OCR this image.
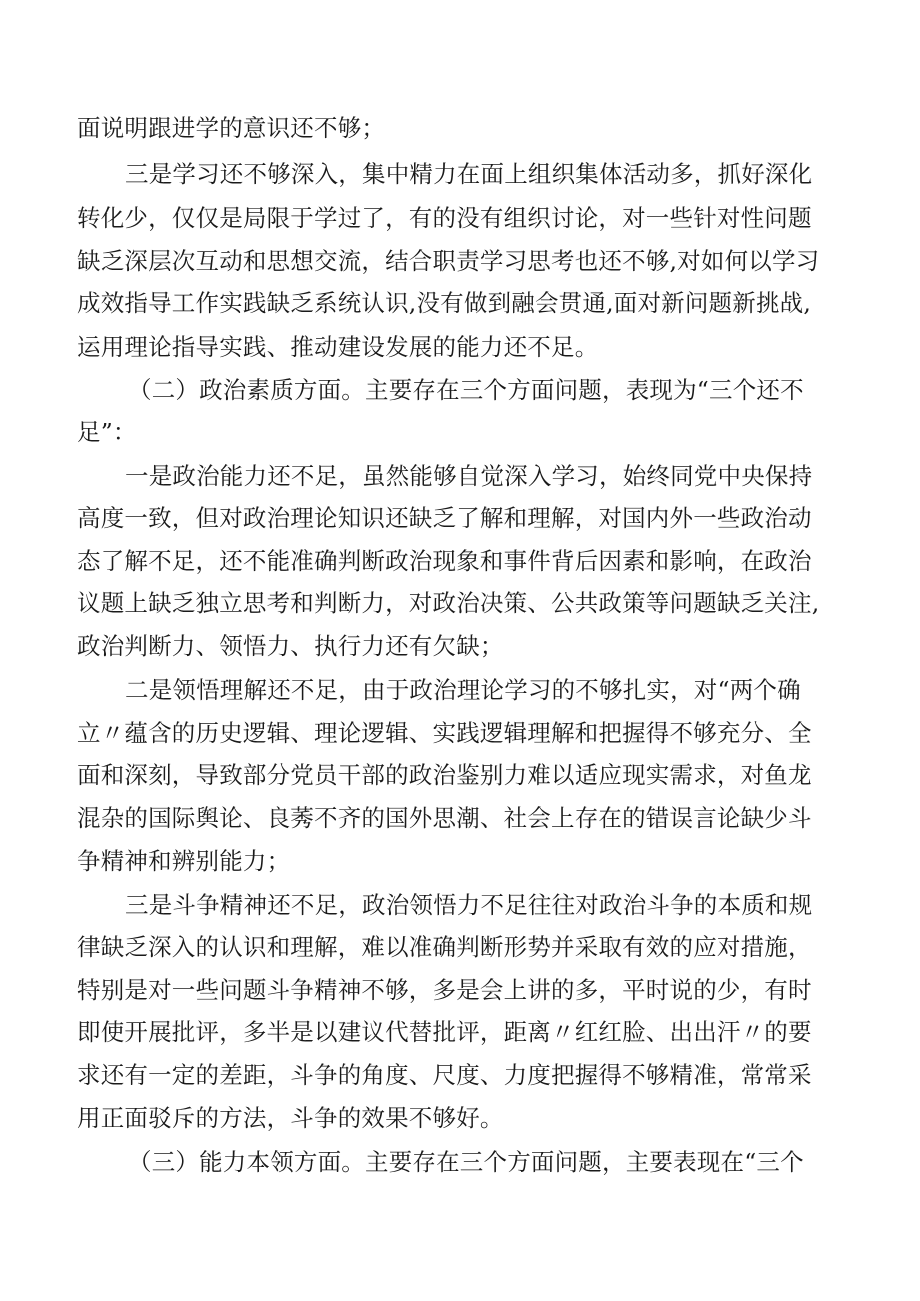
面说明跟进学的意识还不够；
三是学习还不够深入，集中精力在面上组织集体活动多，抓好深化
转化少，仅仅是局限于学过了，有的没有组织讨论，对一些针对性问题
缺乏深层次互动和思想交流，结合职责学习思考也还不够,对如何以学习
成效指导工作实践缺乏系统认识,没有做到融会贯通,面对新问题新挑战,
运用理论指导实践、推动建设发展的能力还不足。
（二）政治素质方面。主要存在三个方面问题，表现为“三个还不
足”：
一是政治能力还不足，虽然能够自觉深入学习，始终同党中央保持
高度一致，但对政治理论知识还缺乏了解和理解，对国内外一些政治动
态了解不足，还不能准确判断政治现象和事件背后因素和影响，在政治
议题上缺乏独立思考和判断力，对政治决策、公共政策等问题缺乏关注,
政治判断力、领悟力、执行力还有欠缺；
二是领悟理解还不足，由于政治理论学习的不够扎实，对“两个确
立〃蕴含的历史逻辑、理论逻辑、实践逻辑理解和把握得不够充分、全
面和深刻，导致部分党员干部的政治鉴别力难以适应现实需求，对鱼龙
混杂的国际舆论、良莠不齐的国外思潮、社会上存在的错误言论缺少斗
争精神和辨别能力；
三是斗争精神还不足，政治领悟力不足往往对政治斗争的本质和规
律缺乏深入的认识和理解，难以准确判断形势并采取有效的应对措施，
特别是对一些问题斗争精神不够，多是会上讲的多，平时说的少，有时
即使开展批评，多半是以建议代替批评，距离〃红红脸、出出汗〃的要
求还有一定的差距，斗争的角度、尺度、力度把握得不够精准，常常采
用正面驳斥的方法，斗争的效果不够好。
（三）能力本领方面。主要存在三个方面问题，主要表现在“三个
